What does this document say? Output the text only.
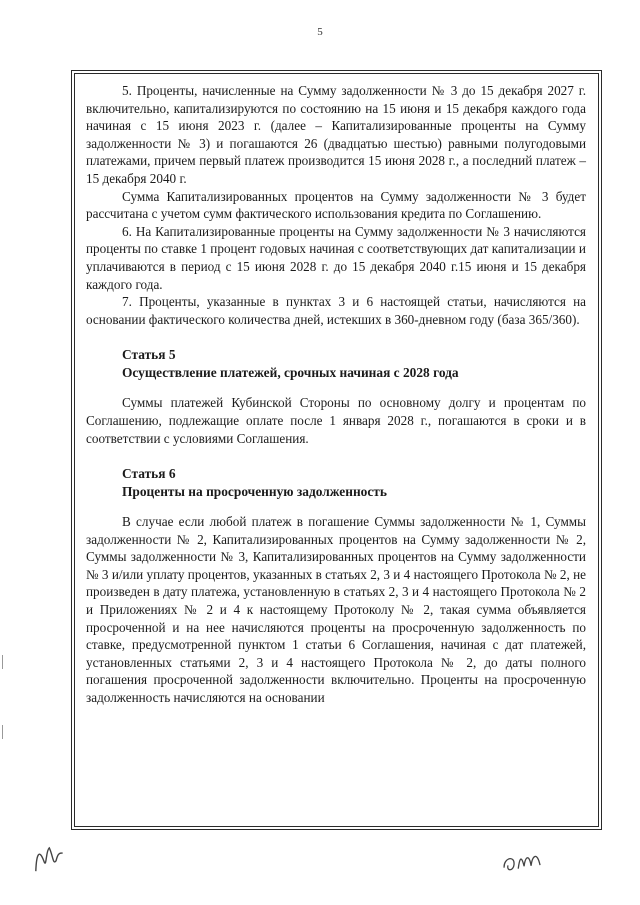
5

5. Проценты, начисленные на Сумму задолженности № 3 до 15 декабря 2027 г. включительно, капитализируются по состоянию на 15 июня и 15 декабря каждого года начиная с 15 июня 2023 г. (далее – Капитализированные проценты на Сумму задолженности № 3) и погашаются 26 (двадцатью шестью) равными полугодовыми платежами, причем первый платеж производится 15 июня 2028 г., а последний платеж – 15 декабря 2040 г.

Сумма Капитализированных процентов на Сумму задолженности № 3 будет рассчитана с учетом сумм фактического использования кредита по Соглашению.

6. На Капитализированные проценты на Сумму задолженности № 3 начисляются проценты по ставке 1 процент годовых начиная с соответствующих дат капитализации и уплачиваются в период с 15 июня 2028 г. до 15 декабря 2040 г.15 июня и 15 декабря каждого года.

7. Проценты, указанные в пунктах 3 и 6 настоящей статьи, начисляются на основании фактического количества дней, истекших в 360-дневном году (база 365/360).

Статья 5

Осуществление платежей, срочных начиная с 2028 года

Суммы платежей Кубинской Стороны по основному долгу и процентам по Соглашению, подлежащие оплате после 1 января 2028 г., погашаются в сроки и в соответствии с условиями Соглашения.

Статья 6

Проценты на просроченную задолженность

В случае если любой платеж в погашение Суммы задолженности № 1, Суммы задолженности № 2, Капитализированных процентов на Сумму задолженности № 2, Суммы задолженности № 3, Капитализированных процентов на Сумму задолженности № 3 и/или уплату процентов, указанных в статьях 2, 3 и 4 настоящего Протокола № 2, не произведен в дату платежа, установленную в статьях 2, 3 и 4 настоящего Протокола № 2 и Приложениях № 2 и 4 к настоящему Протоколу № 2, такая сумма объявляется просроченной и на нее начисляются проценты на просроченную задолженность по ставке, предусмотренной пунктом 1 статьи 6 Соглашения, начиная с дат платежей, установленных статьями 2, 3 и 4 настоящего Протокола № 2, до даты полного погашения просроченной задолженности включительно. Проценты на просроченную задолженность начисляются на основании
